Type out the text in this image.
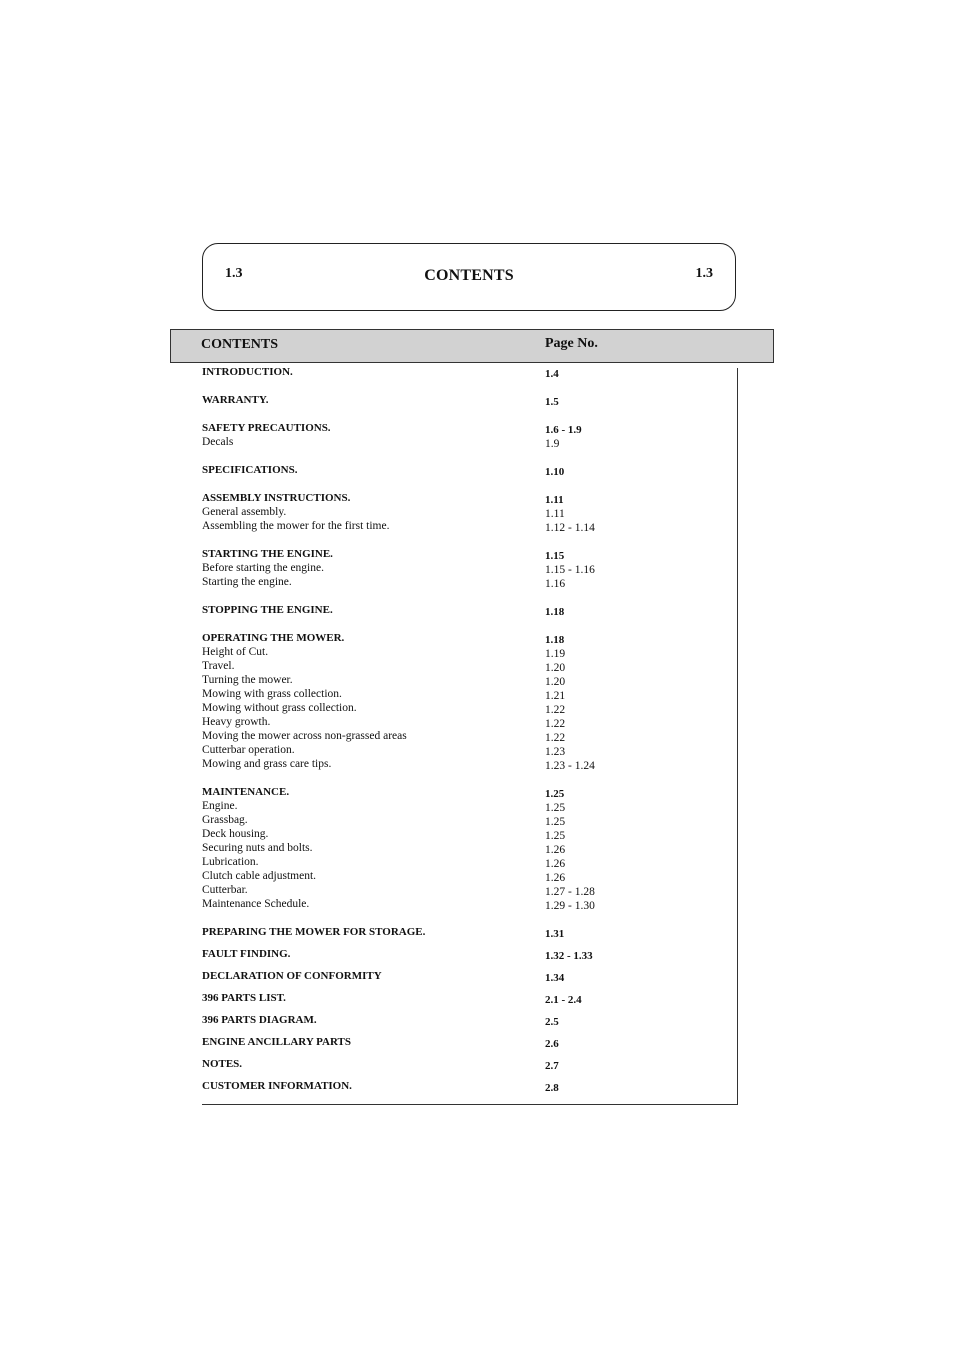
1.3	CONTENTS	1.3
CONTENTS	Page No.
INTRODUCTION.	1.4
WARRANTY.	1.5
SAFETY PRECAUTIONS.	1.6 - 1.9
Decals	1.9
SPECIFICATIONS.	1.10
ASSEMBLY INSTRUCTIONS.	1.11
General assembly.	1.11
Assembling the mower for the first time.	1.12 - 1.14
STARTING THE ENGINE.	1.15
Before starting the engine.	1.15 - 1.16
Starting the engine.	1.16
STOPPING THE ENGINE.	1.18
OPERATING THE MOWER.	1.18
Height of Cut.	1.19
Travel.	1.20
Turning the mower.	1.20
Mowing with grass collection.	1.21
Mowing without grass collection.	1.22
Heavy growth.	1.22
Moving the mower across non-grassed areas	1.22
Cutterbar operation.	1.23
Mowing and grass care tips.	1.23 - 1.24
MAINTENANCE.	1.25
Engine.	1.25
Grassbag.	1.25
Deck housing.	1.25
Securing nuts and bolts.	1.26
Lubrication.	1.26
Clutch cable adjustment.	1.26
Cutterbar.	1.27 - 1.28
Maintenance Schedule.	1.29 - 1.30
PREPARING THE MOWER FOR STORAGE.	1.31
FAULT FINDING.	1.32 - 1.33
DECLARATION OF CONFORMITY	1.34
396 PARTS LIST.	2.1 - 2.4
396 PARTS DIAGRAM.	2.5
ENGINE ANCILLARY PARTS	2.6
NOTES.	2.7
CUSTOMER INFORMATION.	2.8
